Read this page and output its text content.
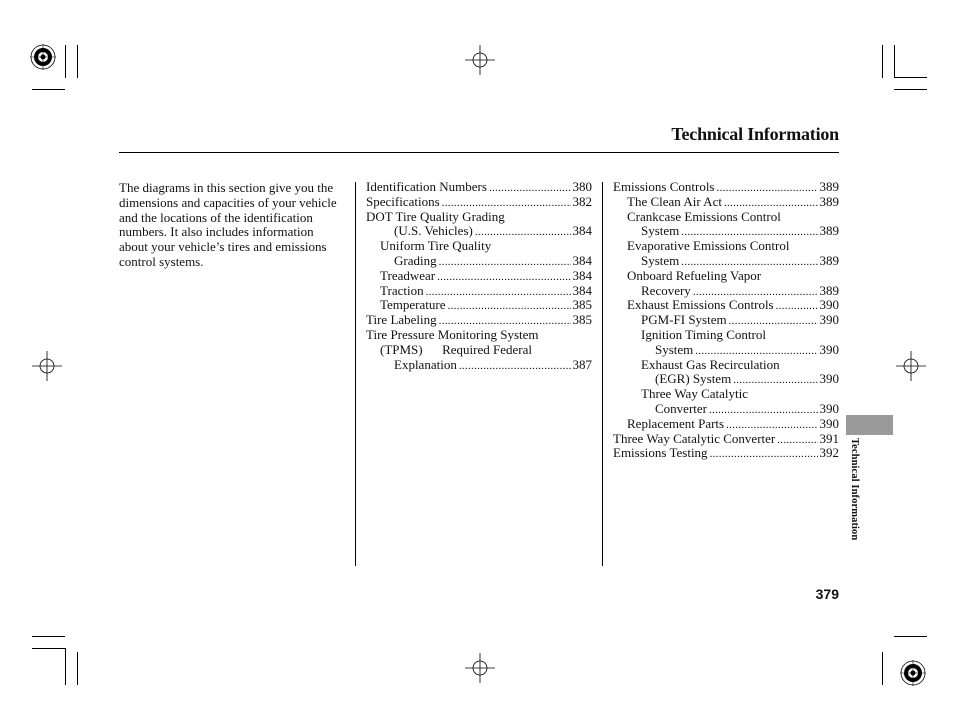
Technical Information
The diagrams in this section give you the dimensions and capacities of your vehicle and the locations of the identification numbers. It also includes information about your vehicle’s tires and emissions control systems.
Identification Numbers .....	380
Specifications .....	382
DOT Tire Quality Grading
(U.S. Vehicles) .....	384
Uniform Tire Quality
Grading .....	384
Treadwear .....	384
Traction .....	384
Temperature .....	385
Tire Labeling .....	385
Tire Pressure Monitoring System
(TPMS)      Required Federal
Explanation .....	387
Emissions Controls .....	389
The Clean Air Act .....	389
Crankcase Emissions Control
System .....	389
Evaporative Emissions Control
System .....	389
Onboard Refueling Vapor
Recovery .....	389
Exhaust Emissions Controls .....	390
PGM-FI System .....	390
Ignition Timing Control
System .....	390
Exhaust Gas Recirculation
(EGR) System .....	390
Three Way Catalytic
Converter .....	390
Replacement Parts .....	390
Three Way Catalytic Converter .....	391
Emissions Testing .....	392 Technical Information
379
